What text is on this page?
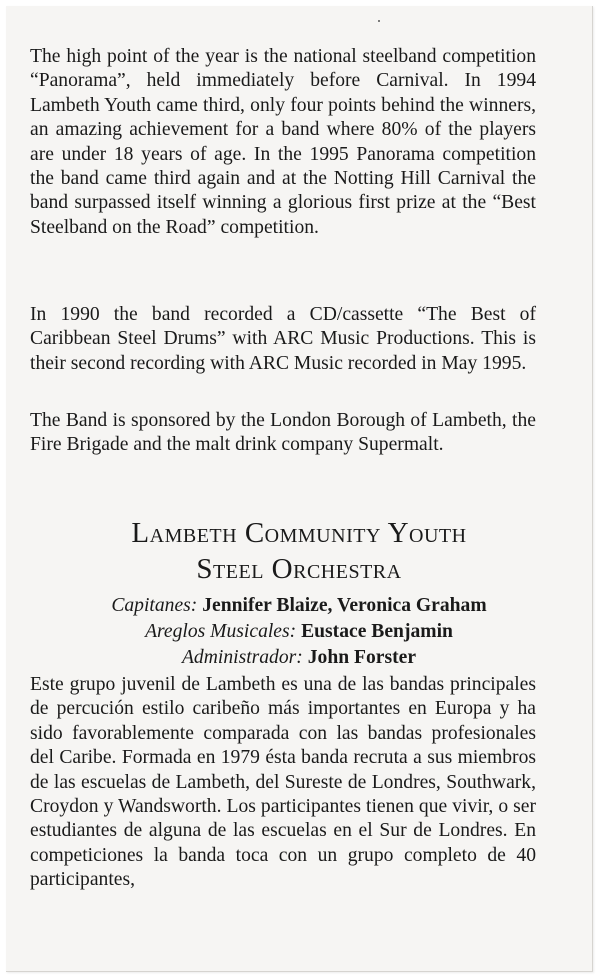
The high point of the year is the national steelband competition “Panorama”, held immediately before Carnival. In 1994 Lambeth Youth came third, only four points behind the winners, an amazing achievement for a band where 80% of the players are under 18 years of age. In the 1995 Panorama competition the band came third again and at the Notting Hill Carnival the band surpassed itself winning a glorious first prize at the “Best Steelband on the Road” competition.

In 1990 the band recorded a CD/cassette “The Best of Caribbean Steel Drums” with ARC Music Productions. This is their second recording with ARC Music recorded in May 1995.

The Band is sponsored by the London Borough of Lambeth, the Fire Brigade and the malt drink company Supermalt.

Lambeth Community Youth
Steel Orchestra
Capitanes: Jennifer Blaize, Veronica Graham
Areglos Musicales: Eustace Benjamin
Administrador: John Forster

Este grupo juvenil de Lambeth es una de las bandas principales de percución estilo caribeño más importantes en Europa y ha sido favorablemente comparada con las bandas profesionales del Caribe. Formada en 1979 ésta banda recruta a sus miembros de las escuelas de Lambeth, del Sureste de Londres, Southwark, Croydon y Wandsworth. Los participantes tienen que vivir, o ser estudiantes de alguna de las escuelas en el Sur de Londres. En competiciones la banda toca con un grupo completo de 40 participantes,
